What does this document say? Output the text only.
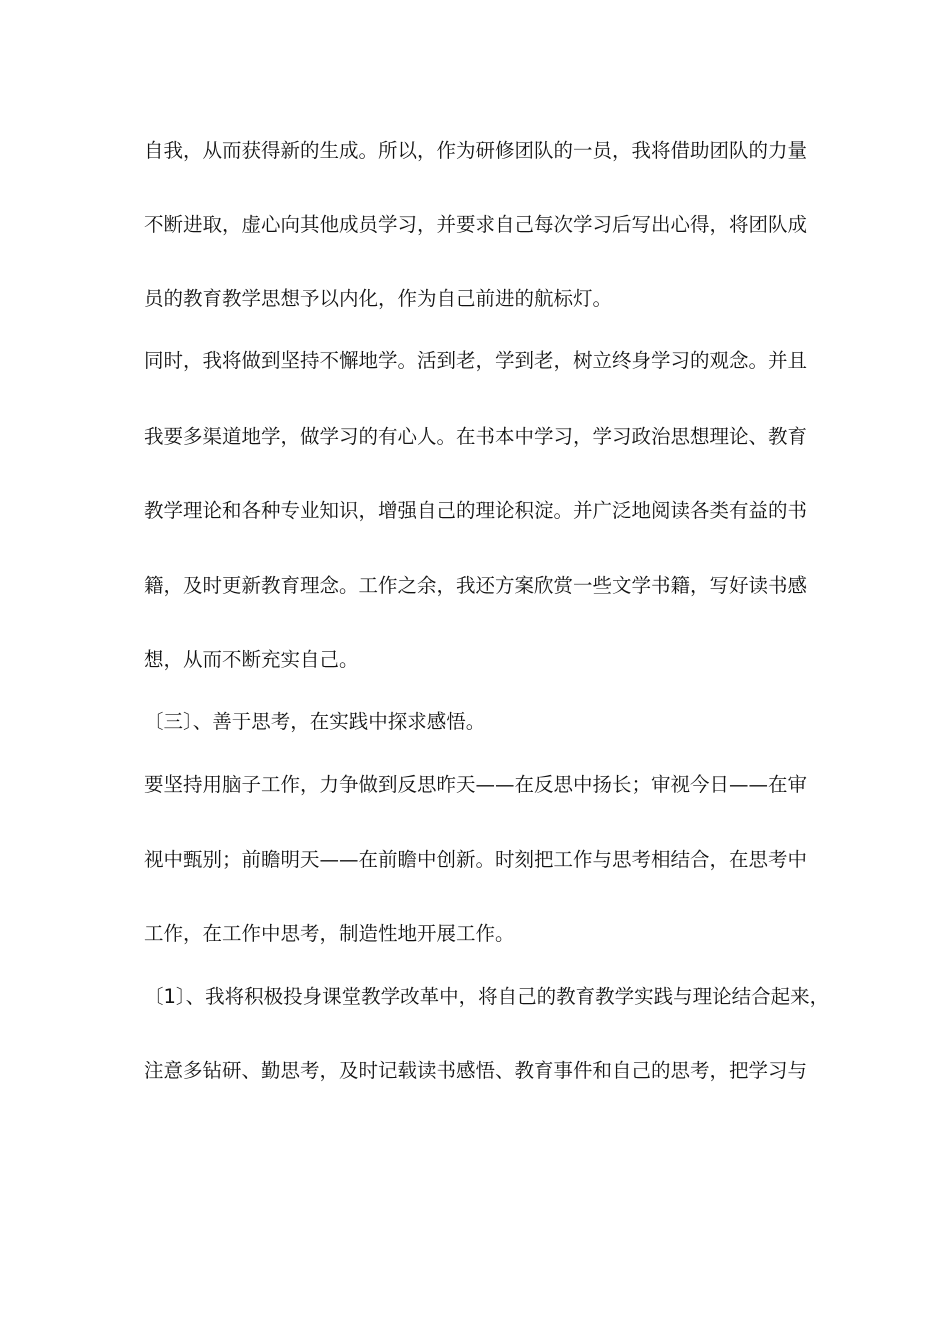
自我，从而获得新的生成。所以，作为研修团队的一员，我将借助团队的力量
不断进取，虚心向其他成员学习，并要求自己每次学习后写出心得，将团队成
员的教育教学思想予以内化，作为自己前进的航标灯。
同时，我将做到坚持不懈地学。活到老，学到老，树立终身学习的观念。并且
我要多渠道地学，做学习的有心人。在书本中学习，学习政治思想理论、教育
教学理论和各种专业知识，增强自己的理论积淀。并广泛地阅读各类有益的书
籍，及时更新教育理念。工作之余，我还方案欣赏一些文学书籍，写好读书感
想，从而不断充实自己。
〔三〕、善于思考，在实践中探求感悟。
要坚持用脑子工作，力争做到反思昨天——在反思中扬长；审视今日——在审
视中甄别；前瞻明天——在前瞻中创新。时刻把工作与思考相结合，在思考中
工作，在工作中思考，制造性地开展工作。
〔1〕、我将积极投身课堂教学改革中，将自己的教育教学实践与理论结合起来，
注意多钻研、勤思考，及时记载读书感悟、教育事件和自己的思考，把学习与
